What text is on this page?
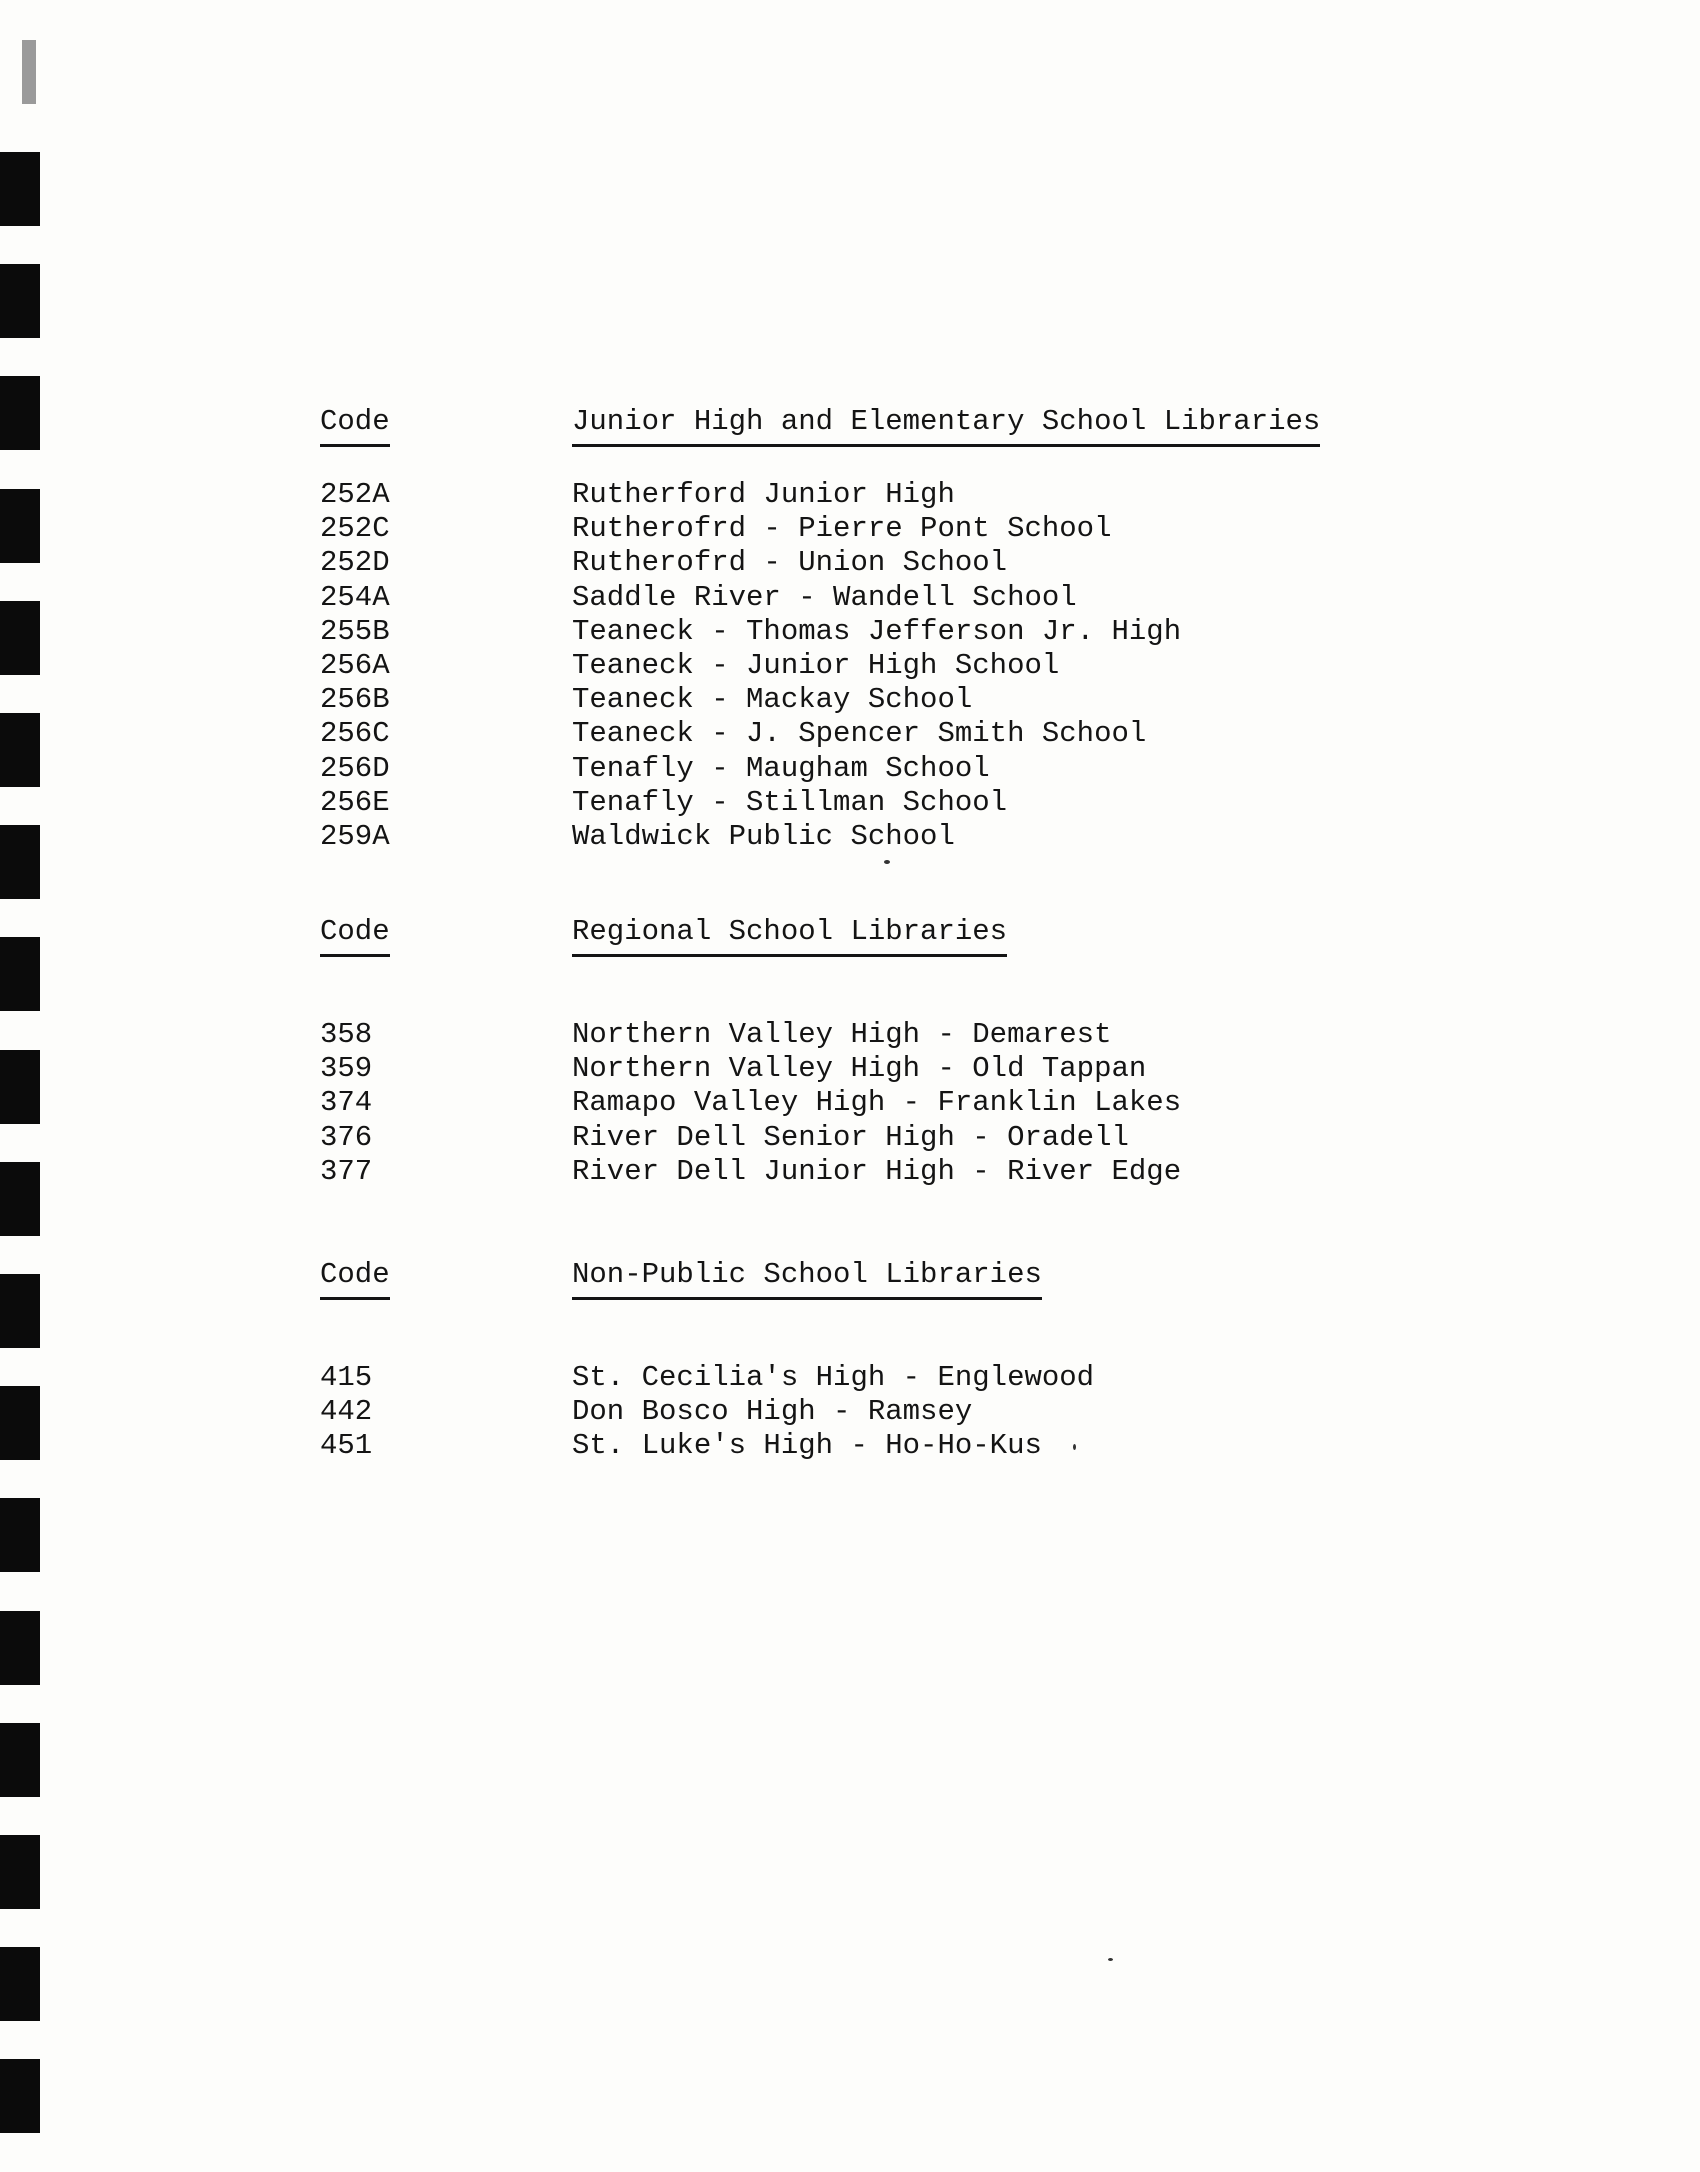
Code	Junior High and Elementary School Libraries
252A	Rutherford Junior High
252C	Rutherofrd - Pierre Pont School
252D	Rutherofrd - Union School
254A	Saddle River - Wandell School
255B	Teaneck - Thomas Jefferson Jr. High
256A	Teaneck - Junior High School
256B	Teaneck - Mackay School
256C	Teaneck - J. Spencer Smith School
256D	Tenafly - Maugham School
256E	Tenafly - Stillman School
259A	Waldwick Public School
Code	Regional School Libraries
358	Northern Valley High - Demarest
359	Northern Valley High - Old Tappan
374	Ramapo Valley High - Franklin Lakes
376	River Dell Senior High - Oradell
377	River Dell Junior High - River Edge
Code	Non-Public School Libraries
415	St. Cecilia's High - Englewood
442	Don Bosco High - Ramsey
451	St. Luke's High - Ho-Ho-Kus
